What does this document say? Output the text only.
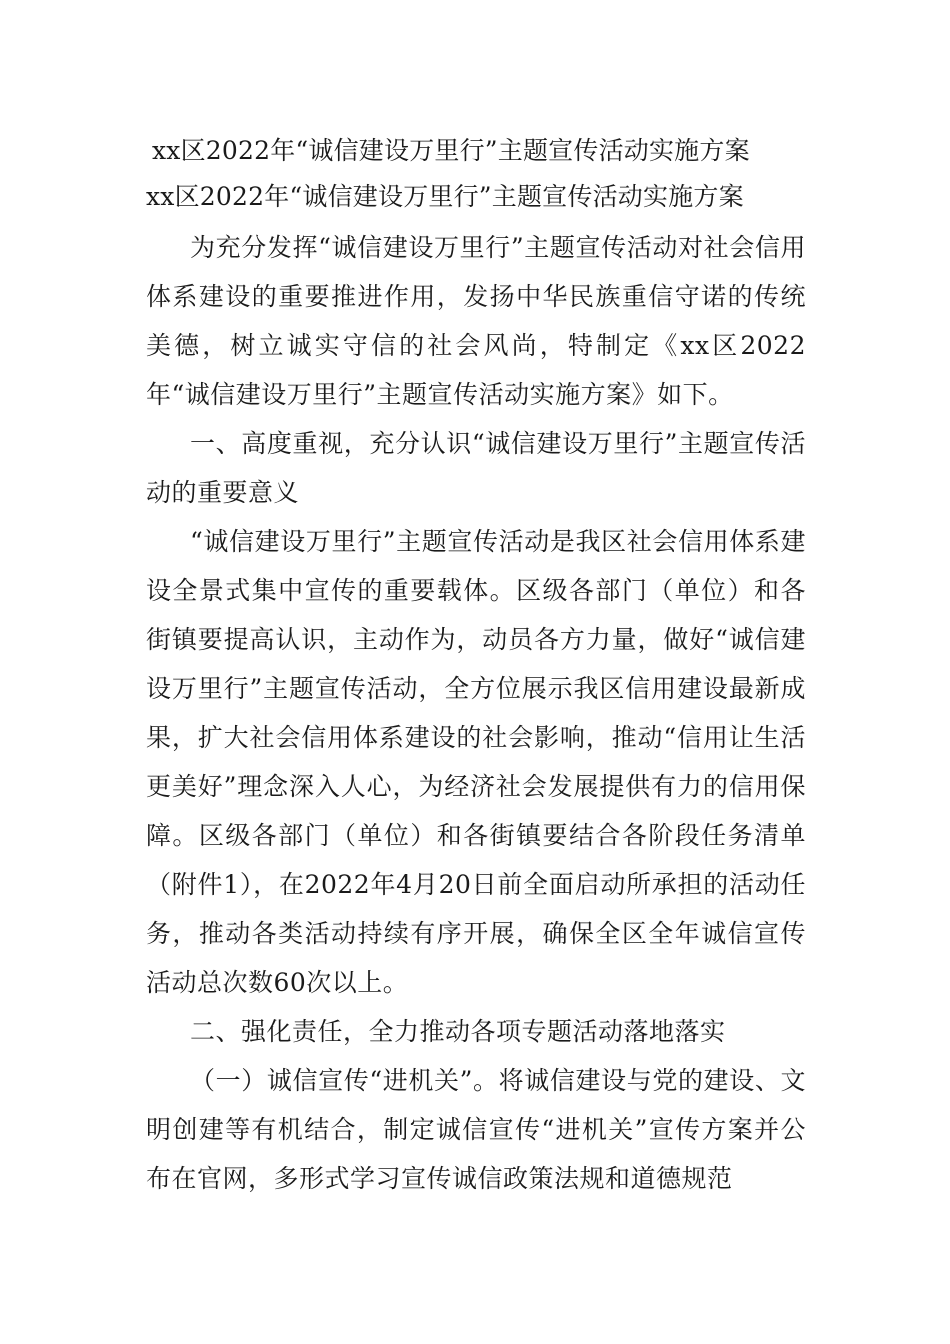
xx区2022年“诚信建设万里行”主题宣传活动实施方案
xx区2022年“诚信建设万里行”主题宣传活动实施方案

为充分发挥“诚信建设万里行”主题宣传活动对社会信用体系建设的重要推进作用，发扬中华民族重信守诺的传统美德，树立诚实守信的社会风尚，特制定《xx区2022年“诚信建设万里行”主题宣传活动实施方案》如下。

一、高度重视，充分认识“诚信建设万里行”主题宣传活动的重要意义

“诚信建设万里行”主题宣传活动是我区社会信用体系建设全景式集中宣传的重要载体。区级各部门（单位）和各街镇要提高认识，主动作为，动员各方力量，做好“诚信建设万里行”主题宣传活动，全方位展示我区信用建设最新成果，扩大社会信用体系建设的社会影响，推动“信用让生活更美好”理念深入人心，为经济社会发展提供有力的信用保障。区级各部门（单位）和各街镇要结合各阶段任务清单（附件1），在2022年4月20日前全面启动所承担的活动任务，推动各类活动持续有序开展，确保全区全年诚信宣传活动总次数60次以上。

二、强化责任，全力推动各项专题活动落地落实

（一）诚信宣传“进机关”。将诚信建设与党的建设、文明创建等有机结合，制定诚信宣传“进机关”宣传方案并公布在官网，多形式学习宣传诚信政策法规和道德规范
